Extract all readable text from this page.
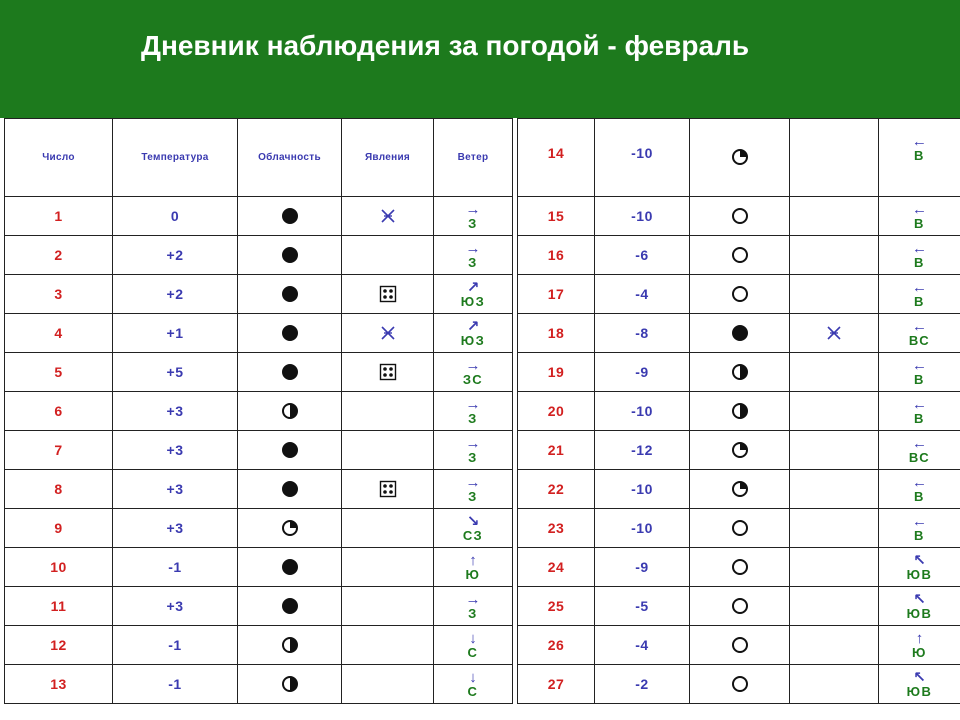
Дневник наблюдения за погодой - февраль
Число	Температура	Облачность	Явления	Ветер
1	0			→
З

2	+2			→
З

3	+2			↗
ЮЗ

4	+1			↗
ЮЗ

5	+5			→
ЗС

6	+3			→
З

7	+3			→
З

8	+3			→
З

9	+3			↘
СЗ

10	-1			↑
Ю

11	+3			→
З

12	-1			↓
С

13	-1			↓
С
14	-10			←
В

15	-10			←
В

16	-6			←
В

17	-4			←
В

18	-8			←
ВС

19	-9			←
В

20	-10			←
В

21	-12			←
ВС

22	-10			←
В

23	-10			←
В

24	-9			↖
ЮВ

25	-5			↖
ЮВ

26	-4			↑
Ю

27	-2			↖
ЮВ
